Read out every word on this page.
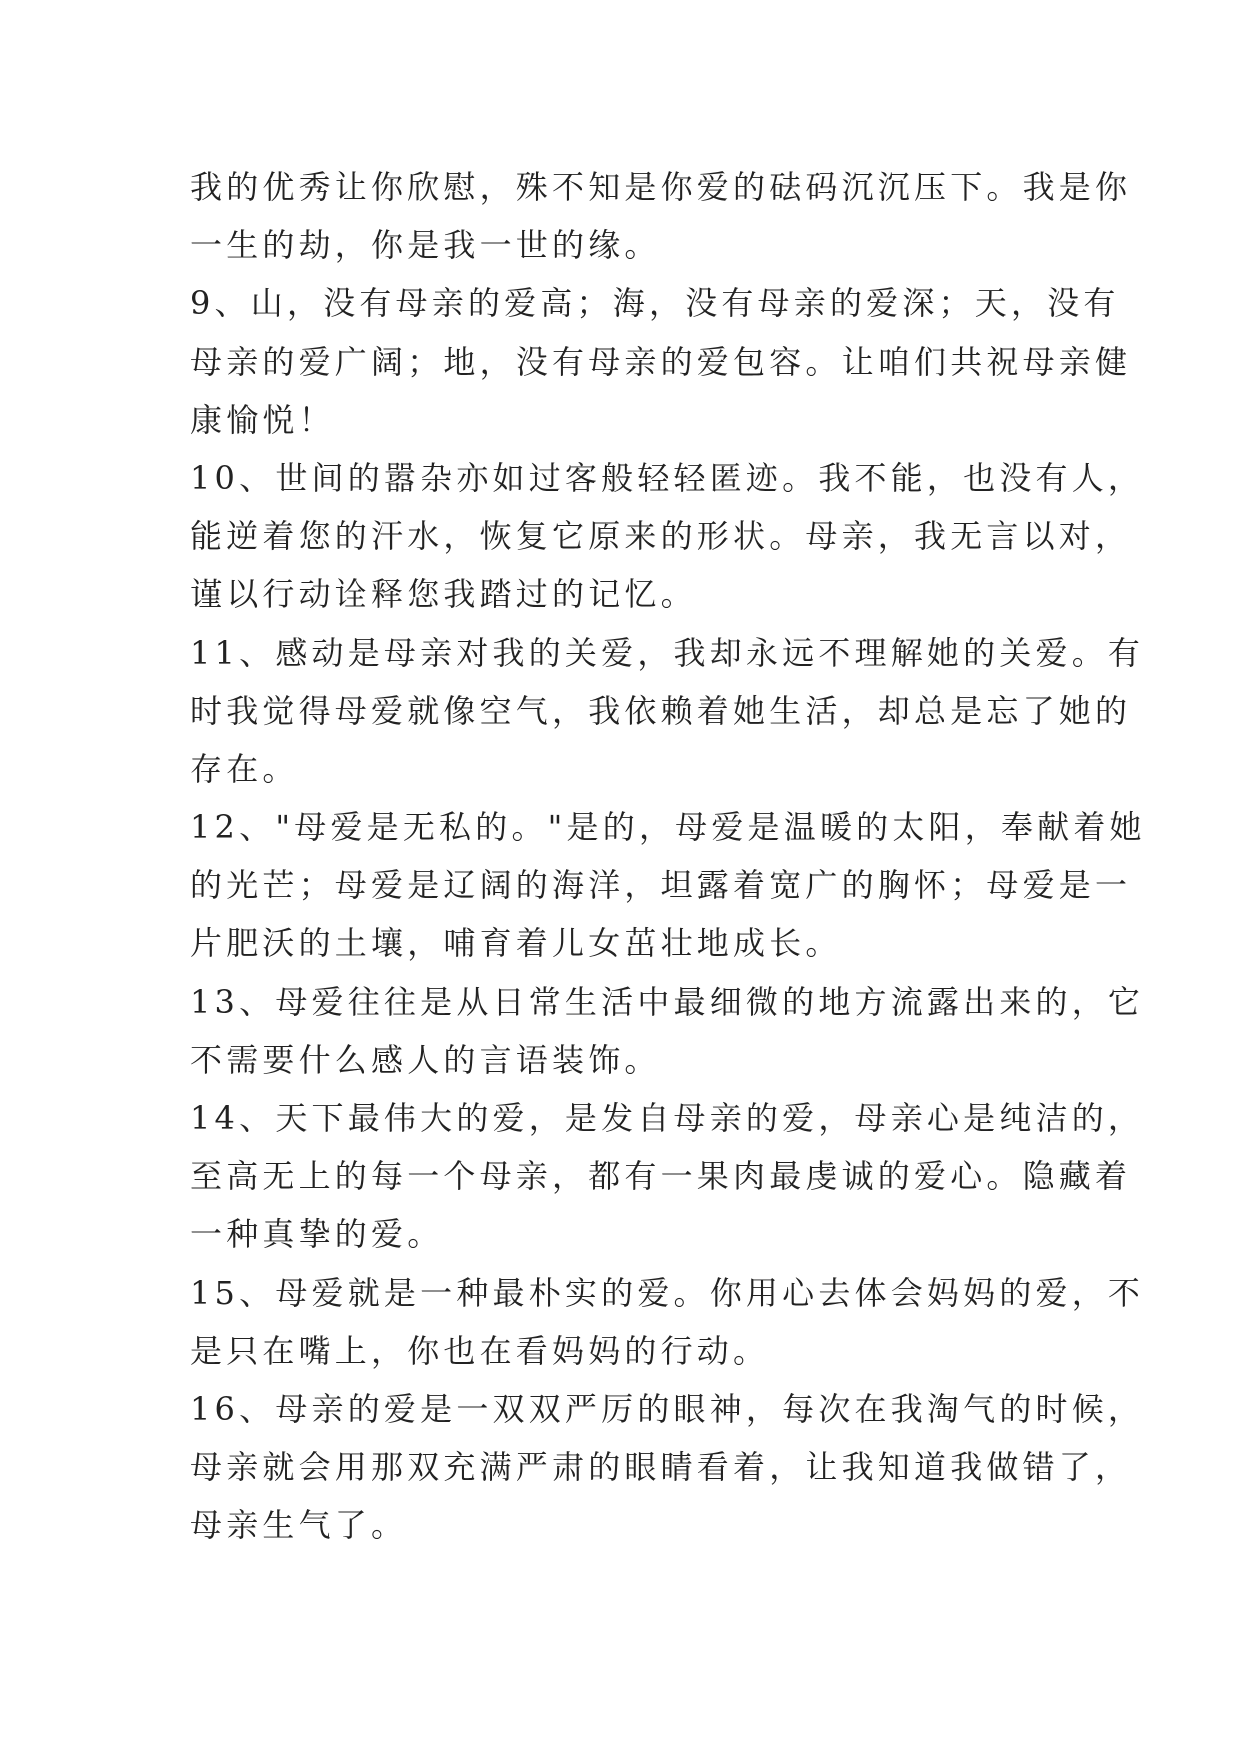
我的优秀让你欣慰，殊不知是你爱的砝码沉沉压下。我是你
一生的劫，你是我一世的缘。
9、山，没有母亲的爱高；海，没有母亲的爱深；天，没有
母亲的爱广阔；地，没有母亲的爱包容。让咱们共祝母亲健
康愉悦！
10、世间的嚣杂亦如过客般轻轻匿迹。我不能，也没有人，
能逆着您的汗水，恢复它原来的形状。母亲，我无言以对，
谨以行动诠释您我踏过的记忆。
11、感动是母亲对我的关爱，我却永远不理解她的关爱。有
时我觉得母爱就像空气，我依赖着她生活，却总是忘了她的
存在。
12、"母爱是无私的。"是的，母爱是温暖的太阳，奉献着她
的光芒；母爱是辽阔的海洋，坦露着宽广的胸怀；母爱是一
片肥沃的土壤，哺育着儿女茁壮地成长。
13、母爱往往是从日常生活中最细微的地方流露出来的，它
不需要什么感人的言语装饰。
14、天下最伟大的爱，是发自母亲的爱，母亲心是纯洁的，
至高无上的每一个母亲，都有一果肉最虔诚的爱心。隐藏着
一种真挚的爱。
15、母爱就是一种最朴实的爱。你用心去体会妈妈的爱，不
是只在嘴上，你也在看妈妈的行动。
16、母亲的爱是一双双严厉的眼神，每次在我淘气的时候，
母亲就会用那双充满严肃的眼睛看着，让我知道我做错了，
母亲生气了。
